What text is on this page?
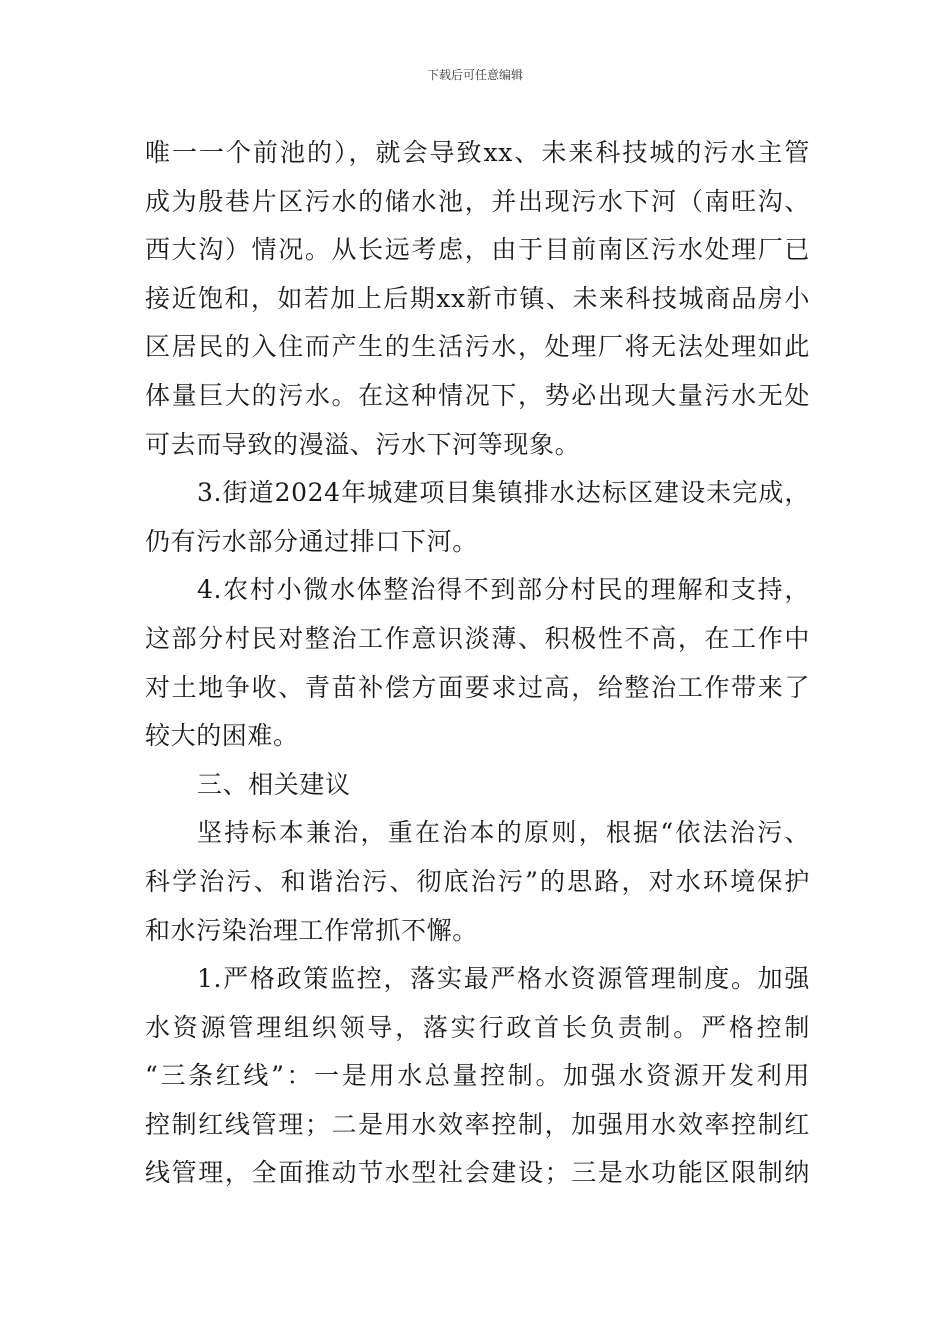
下载后可任意编辑
唯一一个前池的），就会导致xx、未来科技城的污水主管
成为殷巷片区污水的储水池，并出现污水下河（南旺沟、
西大沟）情况。从长远考虑，由于目前南区污水处理厂已
接近饱和，如若加上后期xx新市镇、未来科技城商品房小
区居民的入住而产生的生活污水，处理厂将无法处理如此
体量巨大的污水。在这种情况下，势必出现大量污水无处
可去而导致的漫溢、污水下河等现象。
3.街道2024年城建项目集镇排水达标区建设未完成，
仍有污水部分通过排口下河。
4.农村小微水体整治得不到部分村民的理解和支持，
这部分村民对整治工作意识淡薄、积极性不高，在工作中
对土地争收、青苗补偿方面要求过高，给整治工作带来了
较大的困难。
三、相关建议
坚持标本兼治，重在治本的原则，根据“依法治污、
科学治污、和谐治污、彻底治污”的思路，对水环境保护
和水污染治理工作常抓不懈。
1.严格政策监控，落实最严格水资源管理制度。加强
水资源管理组织领导，落实行政首长负责制。严格控制
“三条红线”：一是用水总量控制。加强水资源开发利用
控制红线管理；二是用水效率控制，加强用水效率控制红
线管理，全面推动节水型社会建设；三是水功能区限制纳
